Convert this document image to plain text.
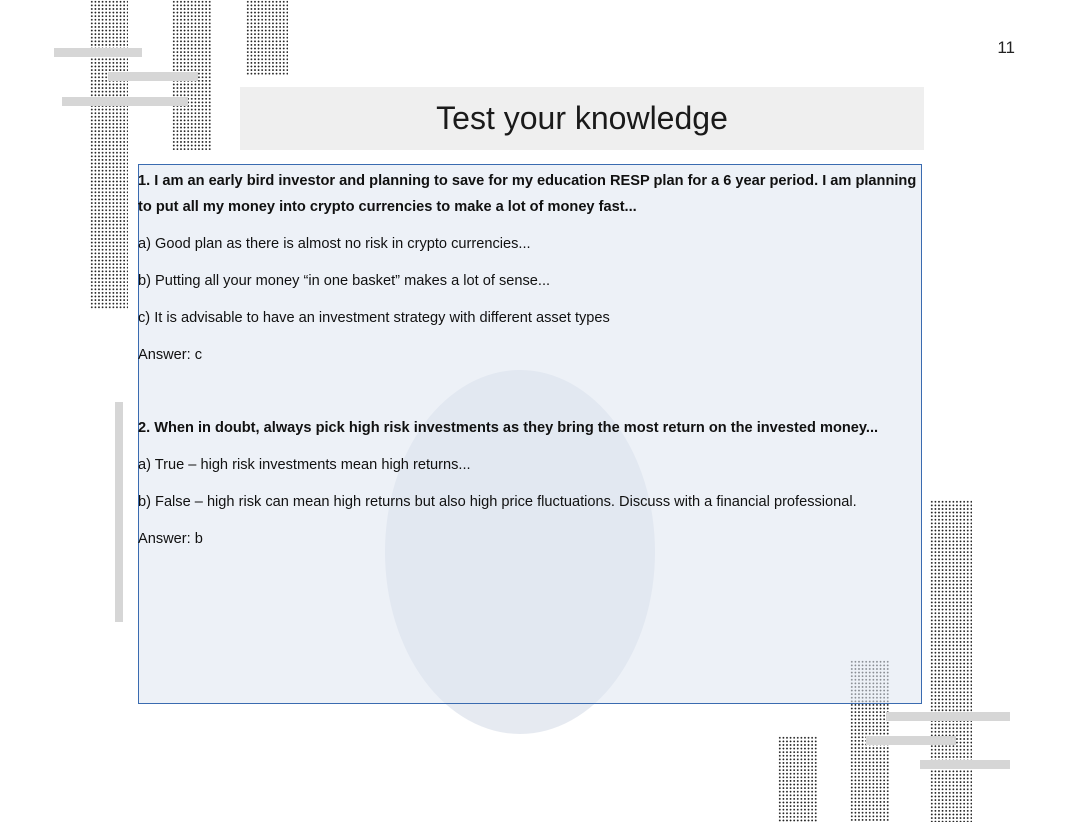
11
Test your knowledge

1. I am an early bird investor and planning to save for my education RESP plan for a 6 year period. I am planning to put all my money into crypto currencies to make a lot of money fast...

a) Good plan as there is almost no risk in crypto currencies...

b) Putting all your money “in one basket” makes a lot of sense...

c) It is advisable to have an investment strategy with different asset types

Answer: c

2. When in doubt, always pick high risk investments as they bring the most return on the invested money...

a) True – high risk investments mean high returns...

b) False – high risk can mean high returns but also high price fluctuations. Discuss with a financial professional.

Answer: b
